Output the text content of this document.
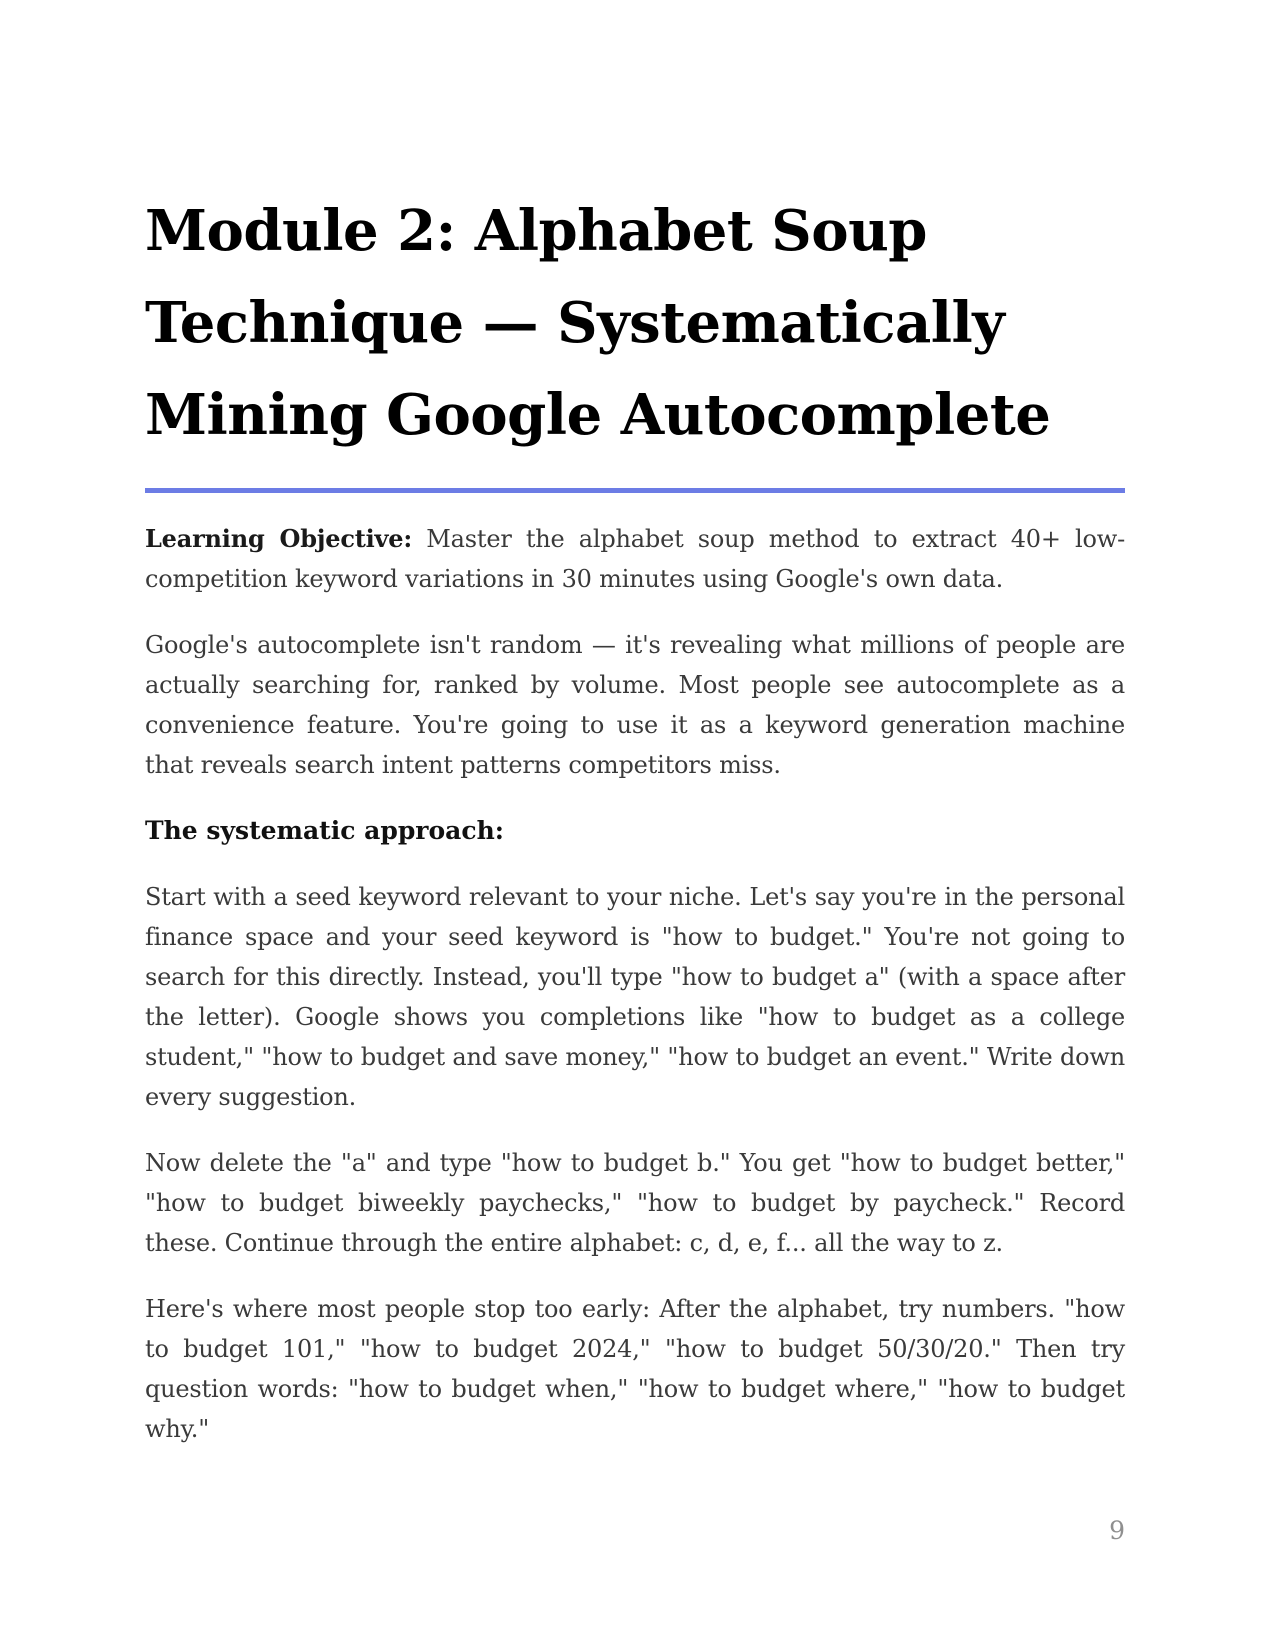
Module 2: Alphabet Soup
Technique — Systematically
Mining Google Autocomplete

Learning Objective: Master the alphabet soup method to extract 40+ low-competition keyword variations in 30 minutes using Google's own data.

Google's autocomplete isn't random — it's revealing what millions of people are actually searching for, ranked by volume. Most people see autocomplete as a convenience feature. You're going to use it as a keyword generation machine that reveals search intent patterns competitors miss.

The systematic approach:

Start with a seed keyword relevant to your niche. Let's say you're in the personal finance space and your seed keyword is "how to budget." You're not going to search for this directly. Instead, you'll type "how to budget a" (with a space after the letter). Google shows you completions like "how to budget as a college student," "how to budget and save money," "how to budget an event." Write down every suggestion.

Now delete the "a" and type "how to budget b." You get "how to budget better," "how to budget biweekly paychecks," "how to budget by paycheck." Record these. Continue through the entire alphabet: c, d, e, f... all the way to z.

Here's where most people stop too early: After the alphabet, try numbers. "how to budget 101," "how to budget 2024," "how to budget 50/30/20." Then try question words: "how to budget when," "how to budget where," "how to budget why."

9
